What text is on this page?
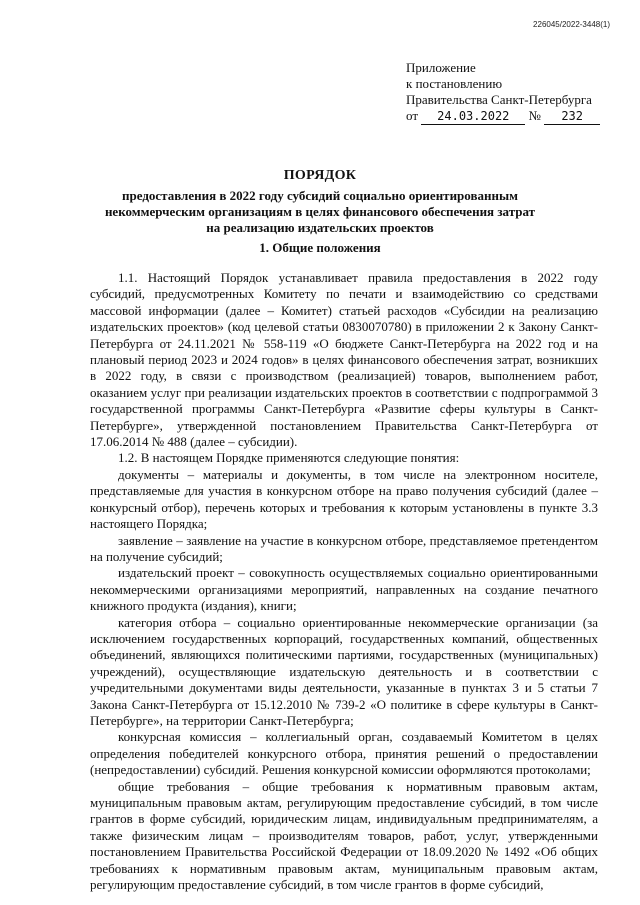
226045/2022-3448(1)
Приложение
к постановлению
Правительства Санкт-Петербурга
от 24.03.2022 № 232
ПОРЯДОК
предоставления в 2022 году субсидий социально ориентированным
некоммерческим организациям в целях финансового обеспечения затрат
на реализацию издательских проектов
1. Общие положения

1.1. Настоящий Порядок устанавливает правила предоставления в 2022 году субсидий, предусмотренных Комитету по печати и взаимодействию со средствами массовой информации (далее – Комитет) статьей расходов «Субсидии на реализацию издательских проектов» (код целевой статьи 0830070780) в приложении 2 к Закону Санкт-Петербурга от 24.11.2021 № 558-119 «О бюджете Санкт-Петербурга на 2022 год и на плановый период 2023 и 2024 годов» в целях финансового обеспечения затрат, возникших в 2022 году, в связи с производством (реализацией) товаров, выполнением работ, оказанием услуг при реализации издательских проектов в соответствии с подпрограммой 3 государственной программы Санкт-Петербурга «Развитие сферы культуры в Санкт-Петербурге», утвержденной постановлением Правительства Санкт-Петербурга от 17.06.2014 № 488 (далее – субсидии).

1.2. В настоящем Порядке применяются следующие понятия:

документы – материалы и документы, в том числе на электронном носителе, представляемые для участия в конкурсном отборе на право получения субсидий (далее – конкурсный отбор), перечень которых и требования к которым установлены в пункте 3.3 настоящего Порядка;

заявление – заявление на участие в конкурсном отборе, представляемое претендентом на получение субсидий;

издательский проект – совокупность осуществляемых социально ориентированными некоммерческими организациями мероприятий, направленных на создание печатного книжного продукта (издания), книги;

категория отбора – социально ориентированные некоммерческие организации (за исключением государственных корпораций, государственных компаний, общественных объединений, являющихся политическими партиями, государственных (муниципальных) учреждений), осуществляющие издательскую деятельность и в соответствии с учредительными документами виды деятельности, указанные в пунктах 3 и 5 статьи 7 Закона Санкт-Петербурга от 15.12.2010 № 739-2 «О политике в сфере культуры в Санкт-Петербурге», на территории Санкт-Петербурга;

конкурсная комиссия – коллегиальный орган, создаваемый Комитетом в целях определения победителей конкурсного отбора, принятия решений о предоставлении (непредоставлении) субсидий. Решения конкурсной комиссии оформляются протоколами;

общие требования – общие требования к нормативным правовым актам, муниципальным правовым актам, регулирующим предоставление субсидий, в том числе грантов в форме субсидий, юридическим лицам, индивидуальным предпринимателям, а также физическим лицам – производителям товаров, работ, услуг, утвержденными постановлением Правительства Российской Федерации от 18.09.2020 № 1492 «Об общих требованиях к нормативным правовым актам, муниципальным правовым актам, регулирующим предоставление субсидий, в том числе грантов в форме субсидий,
